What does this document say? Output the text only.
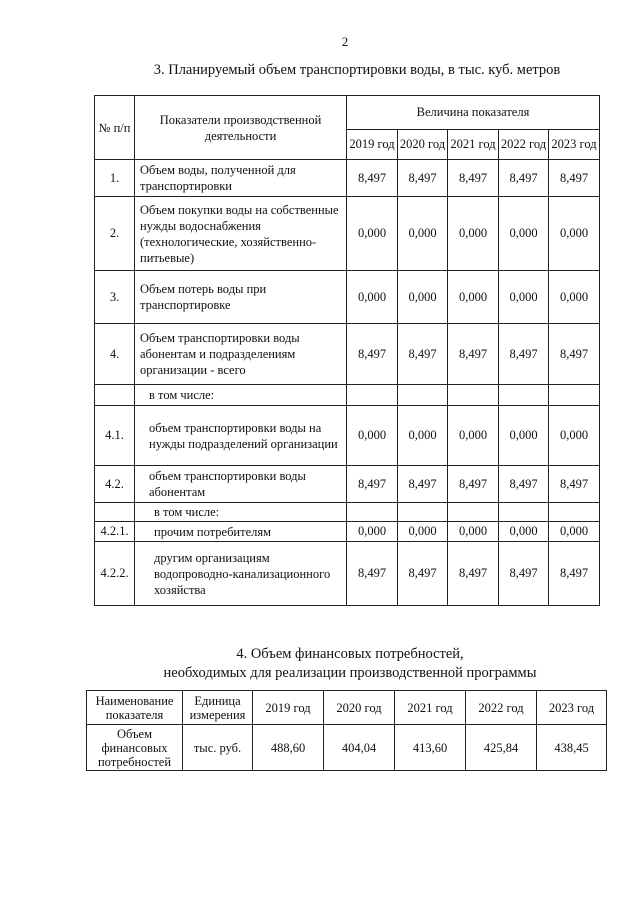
2
3. Планируемый объем транспортировки воды, в тыс. куб. метров
№ п/п	Показатели производственной деятельности	Величина показателя				
		2019 год	2020 год	2021 год	2022 год	2023 год
1.	Объем воды, полученной для транспортировки	8,497	8,497	8,497	8,497	8,497
2.	Объем покупки воды на собственные нужды водоснабжения (технологические, хозяйственно-питьевые)	0,000	0,000	0,000	0,000	0,000
3.	Объем потерь воды при транспортировке	0,000	0,000	0,000	0,000	0,000
4.	Объем транспортировки воды абонентам и подразделениям организации - всего	8,497	8,497	8,497	8,497	8,497
	в том числе:					
4.1.	объем транспортировки воды на нужды подразделений организации	0,000	0,000	0,000	0,000	0,000
4.2.	объем транспортировки воды абонентам	8,497	8,497	8,497	8,497	8,497
	в том числе:					
4.2.1.	прочим потребителям	0,000	0,000	0,000	0,000	0,000
4.2.2.	другим организациям водопроводно-канализационного хозяйства	8,497	8,497	8,497	8,497	8,497
4. Объем финансовых потребностей,
необходимых для реализации производственной программы
Наименование показателя	Единица измерения	2019 год	2020 год	2021 год	2022 год	2023 год
Объем финансовых потребностей	тыс. руб.	488,60	404,04	413,60	425,84	438,45
